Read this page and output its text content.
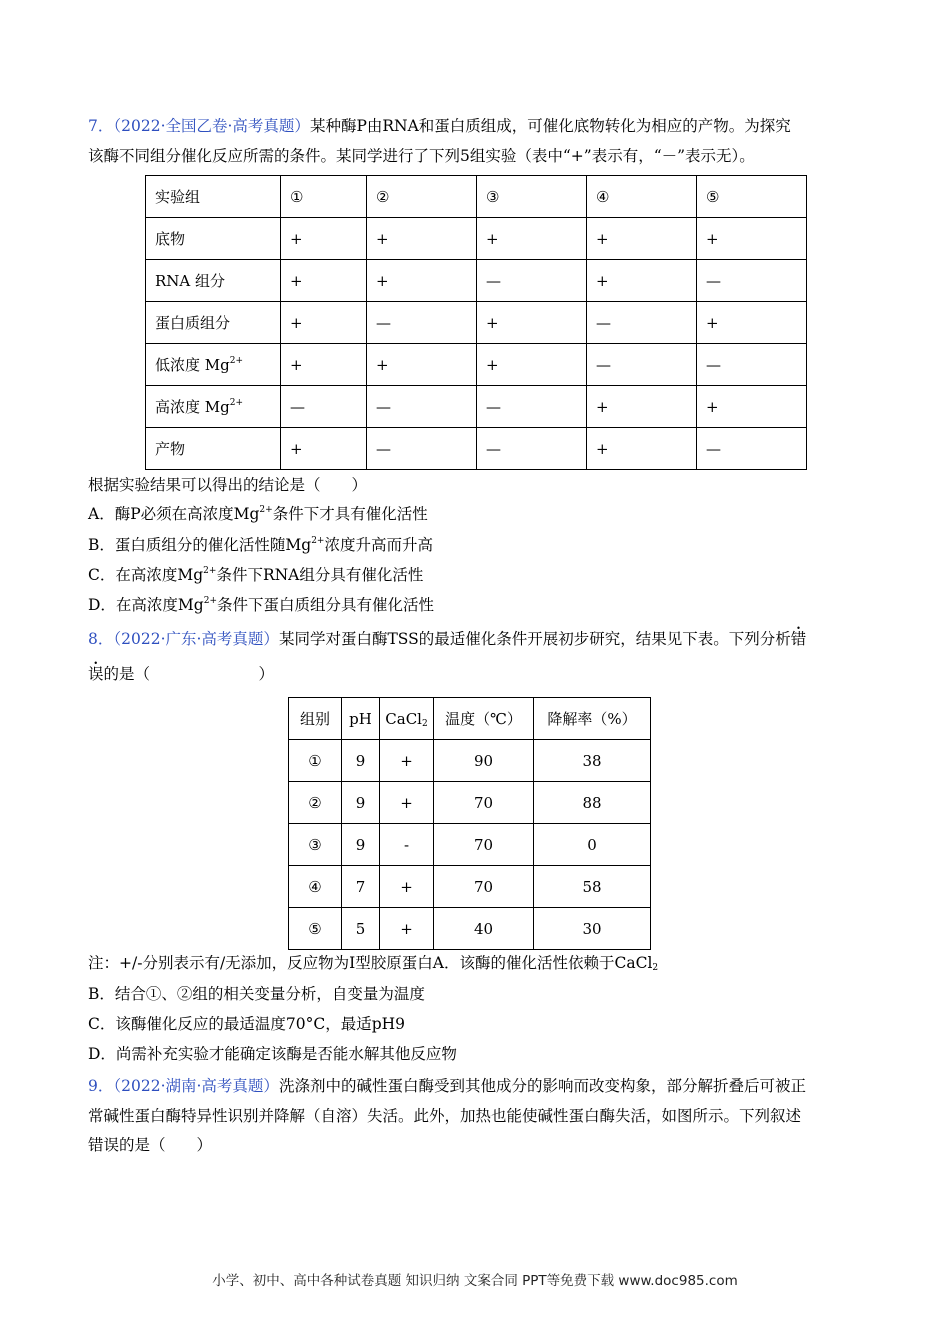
7．（2022·全国乙卷·高考真题）某种酶P由RNA和蛋白质组成，可催化底物转化为相应的产物。为探究
该酶不同组分催化反应所需的条件。某同学进行了下列5组实验（表中“+”表示有，“－”表示无）。
实验组	①	②	③	④	⑤
底物	+	+	+	+	+
RNA 组分	+	+	—	+	—
蛋白质组分	+	—	+	—	+
低浓度 $Mg^{2+}$	+	+	+	—	—
高浓度 $Mg^{2+}$	—	—	—	+	+
产物	+	—	—	+	—
根据实验结果可以得出的结论是（　　）
A．酶P必须在高浓度$Mg^{2+}$条件下才具有催化活性
B．蛋白质组分的催化活性随$Mg^{2+}$浓度升高而升高
C．在高浓度$Mg^{2+}$条件下RNA组分具有催化活性
D．在高浓度$Mg^{2+}$条件下蛋白质组分具有催化活性
8．（2022·广东·高考真题）某同学对蛋白酶TSS的最适催化条件开展初步研究，结果见下表。下列分析错
误的是（　　　　　　　）
组别	pH	CaCl$_2$	温度（℃）	降解率（%）
①	9	+	90	38
②	9	+	70	88
③	9	-	70	0
④	7	+	70	58
⑤	5	+	40	30
注：+/-分别表示有/无添加，反应物为Ⅰ型胶原蛋白A．该酶的催化活性依赖于CaCl$_2$
B．结合①、②组的相关变量分析，自变量为温度
C．该酶催化反应的最适温度70°C，最适pH9
D．尚需补充实验才能确定该酶是否能水解其他反应物
9．（2022·湖南·高考真题）洗涤剂中的碱性蛋白酶受到其他成分的影响而改变构象，部分解折叠后可被正
常碱性蛋白酶特异性识别并降解（自溶）失活。此外，加热也能使碱性蛋白酶失活，如图所示。下列叙述
错误的是（　　）
小学、初中、高中各种试卷真题 知识归纳 文案合同 PPT等免费下载 www.doc985.com
